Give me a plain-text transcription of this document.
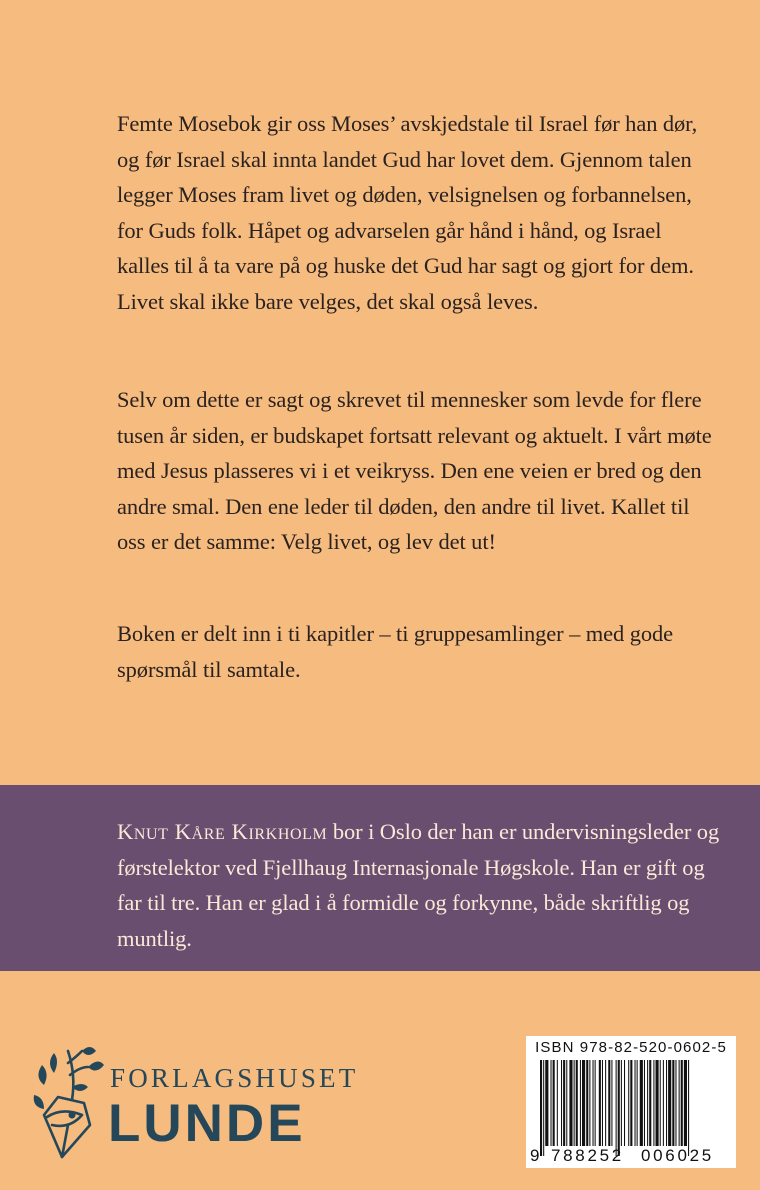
Femte Mosebok gir oss Moses’ avskjedstale til Israel før han dør, og før Israel skal innta landet Gud har lovet dem. Gjennom talen legger Moses fram livet og døden, velsignelsen og forbannelsen, for Guds folk. Håpet og advarselen går hånd i hånd, og Israel kalles til å ta vare på og huske det Gud har sagt og gjort for dem. Livet skal ikke bare velges, det skal også leves.

Selv om dette er sagt og skrevet til mennesker som levde for flere tusen år siden, er budskapet fortsatt relevant og aktuelt. I vårt møte med Jesus plasseres vi i et veikryss. Den ene veien er bred og den andre smal. Den ene leder til døden, den andre til livet. Kallet til oss er det samme: Velg livet, og lev det ut!

Boken er delt inn i ti kapitler – ti gruppesamlinger – med gode spørsmål til samtale.

Knut Kåre Kirkholm bor i Oslo der han er undervisningsleder og førstelektor ved Fjellhaug Internasjonale Høgskole. Han er gift og far til tre. Han er glad i å formidle og forkynne, både skriftlig og muntlig.
FORLAGSHUSET
LUNDE
ISBN 978-82-520-0602-5
9 788252 006025
